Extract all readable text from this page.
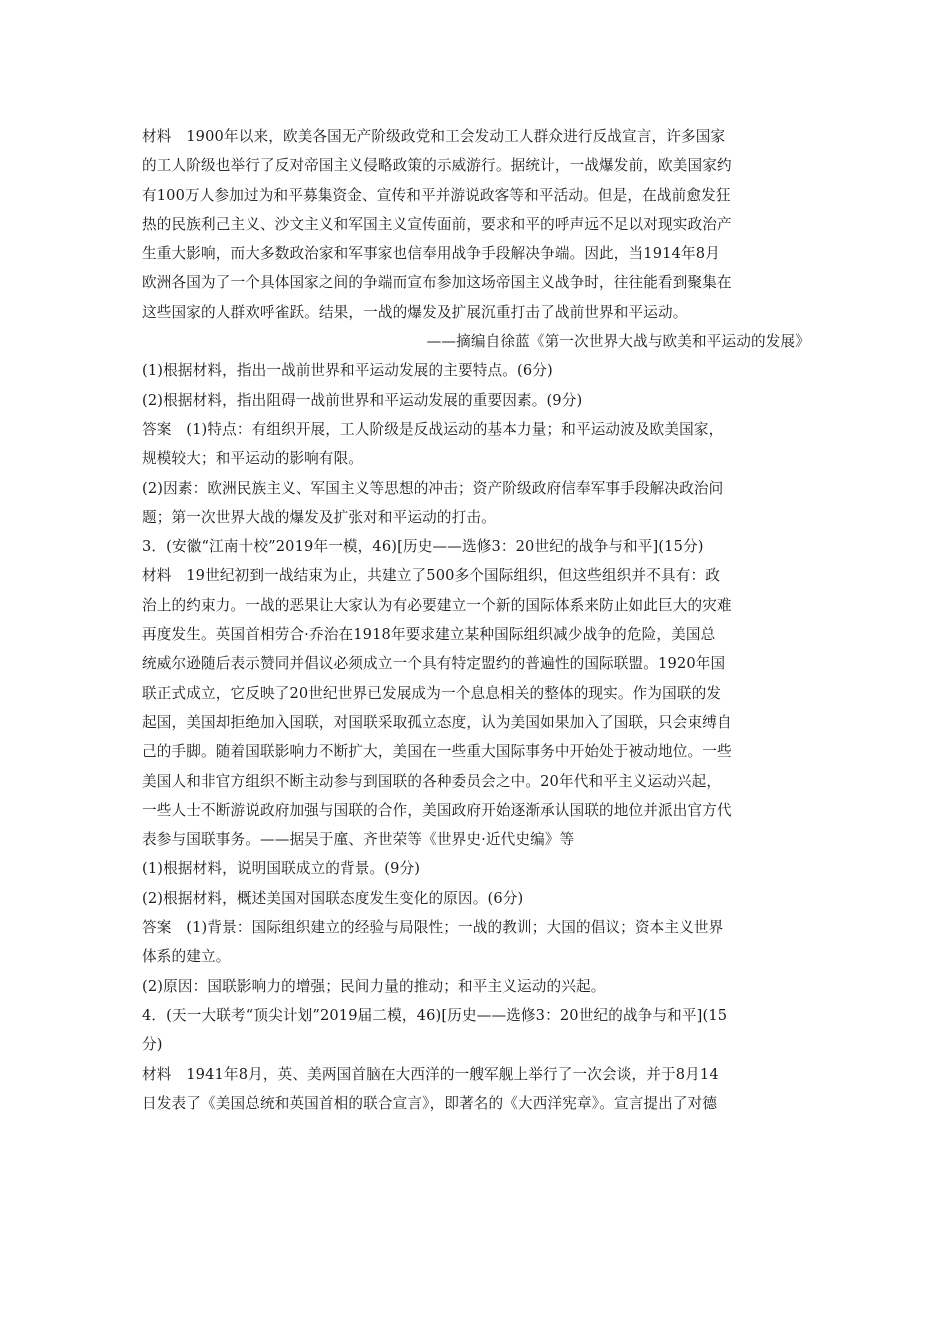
材料　1900年以来，欧美各国无产阶级政党和工会发动工人群众进行反战宣言，许多国家
的工人阶级也举行了反对帝国主义侵略政策的示威游行。据统计，一战爆发前，欧美国家约
有100万人参加过为和平募集资金、宣传和平并游说政客等和平活动。但是，在战前愈发狂
热的民族利己主义、沙文主义和军国主义宣传面前，要求和平的呼声远不足以对现实政治产
生重大影响，而大多数政治家和军事家也信奉用战争手段解决争端。因此，当1914年8月
欧洲各国为了一个具体国家之间的争端而宣布参加这场帝国主义战争时，往往能看到聚集在
这些国家的人群欢呼雀跃。结果，一战的爆发及扩展沉重打击了战前世界和平运动。
——摘编自徐蓝《第一次世界大战与欧美和平运动的发展》
(1)根据材料，指出一战前世界和平运动发展的主要特点。(6分)
(2)根据材料，指出阻碍一战前世界和平运动发展的重要因素。(9分)
答案　(1)特点：有组织开展，工人阶级是反战运动的基本力量；和平运动波及欧美国家，
规模较大；和平运动的影响有限。
(2)因素：欧洲民族主义、军国主义等思想的冲击；资产阶级政府信奉军事手段解决政治问
题；第一次世界大战的爆发及扩张对和平运动的打击。
3．(安徽“江南十校”2019年一模，46)[历史——选修3：20世纪的战争与和平](15分)
材料　19世纪初到一战结束为止，共建立了500多个国际组织，但这些组织并不具有：政
治上的约束力。一战的恶果让大家认为有必要建立一个新的国际体系来防止如此巨大的灾难
再度发生。英国首相劳合·乔治在1918年要求建立某种国际组织减少战争的危险，美国总
统威尔逊随后表示赞同并倡议必须成立一个具有特定盟约的普遍性的国际联盟。1920年国
联正式成立，它反映了20世纪世界已发展成为一个息息相关的整体的现实。作为国联的发
起国，美国却拒绝加入国联，对国联采取孤立态度，认为美国如果加入了国联，只会束缚自
己的手脚。随着国联影响力不断扩大，美国在一些重大国际事务中开始处于被动地位。一些
美国人和非官方组织不断主动参与到国联的各种委员会之中。20年代和平主义运动兴起，
一些人士不断游说政府加强与国联的合作，美国政府开始逐渐承认国联的地位并派出官方代
表参与国联事务。——据吴于廑、齐世荣等《世界史·近代史编》等
(1)根据材料，说明国联成立的背景。(9分)
(2)根据材料，概述美国对国联态度发生变化的原因。(6分)
答案　(1)背景：国际组织建立的经验与局限性；一战的教训；大国的倡议；资本主义世界
体系的建立。
(2)原因：国联影响力的增强；民间力量的推动；和平主义运动的兴起。
4．(天一大联考“顶尖计划”2019届二模，46)[历史——选修3：20世纪的战争与和平](15
分)
材料　1941年8月，英、美两国首脑在大西洋的一艘军舰上举行了一次会谈，并于8月14
日发表了《美国总统和英国首相的联合宣言》，即著名的《大西洋宪章》。宣言提出了对德
